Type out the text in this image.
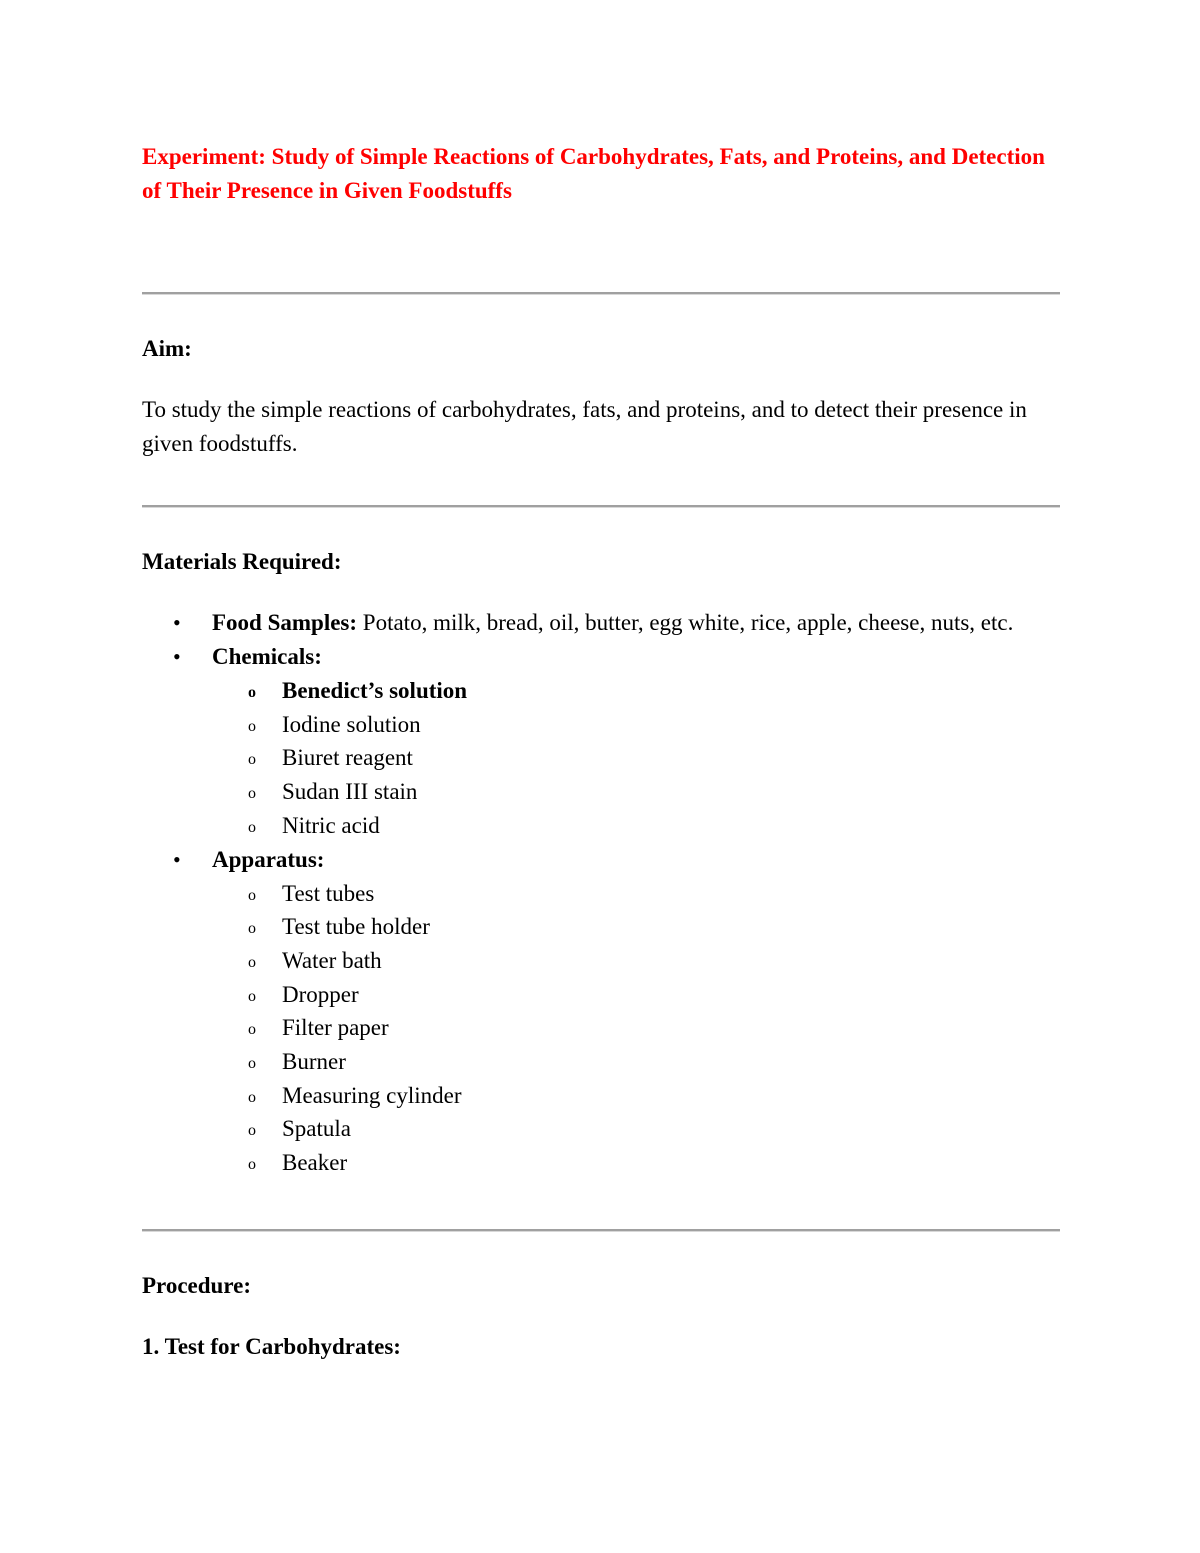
Experiment: Study of Simple Reactions of Carbohydrates, Fats, and Proteins, and Detection of Their Presence in Given Foodstuffs

Aim:

To study the simple reactions of carbohydrates, fats, and proteins, and to detect their presence in given foodstuffs.

Materials Required:

• Food Samples: Potato, milk, bread, oil, butter, egg white, rice, apple, cheese, nuts, etc.
• Chemicals:
o Benedict’s solution
o Iodine solution
o Biuret reagent
o Sudan III stain
o Nitric acid
• Apparatus:
o Test tubes
o Test tube holder
o Water bath
o Dropper
o Filter paper
o Burner
o Measuring cylinder
o Spatula
o Beaker

Procedure:

1. Test for Carbohydrates:
